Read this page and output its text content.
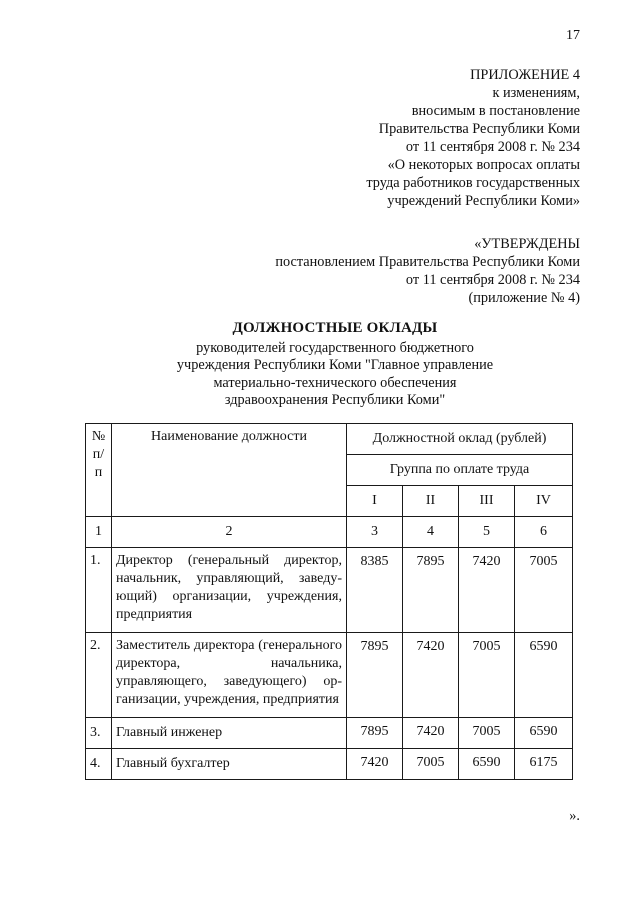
17
ПРИЛОЖЕНИЕ 4
к изменениям,
вносимым в постановление
Правительства Республики Коми
от 11 сентября 2008 г. № 234
«О некоторых вопросах оплаты
труда работников государственных
учреждений Республики Коми»
«УТВЕРЖДЕНЫ
постановлением Правительства Республики Коми
от 11 сентября 2008 г. № 234
(приложение № 4)
ДОЛЖНОСТНЫЕ ОКЛАДЫ
руководителей государственного бюджетного
учреждения Республики Коми "Главное управление
материально-технического обеспечения
здравоохранения Республики Коми"
№ п/п	Наименование должности	Должностной оклад (рублей)			
		Группа по оплате труда			
		I	II	III	IV
1	2	3	4	5	6
1.	Директор (генеральный директор, начальник, управляющий, заведующий) организации, учреждения, предприятия	8385	7895	7420	7005
2.	Заместитель директора (генерального директора, начальника, управляющего, заведующего) организации, учреждения, предприятия	7895	7420	7005	6590
3.	Главный инженер	7895	7420	7005	6590
4.	Главный бухгалтер	7420	7005	6590	6175
».
